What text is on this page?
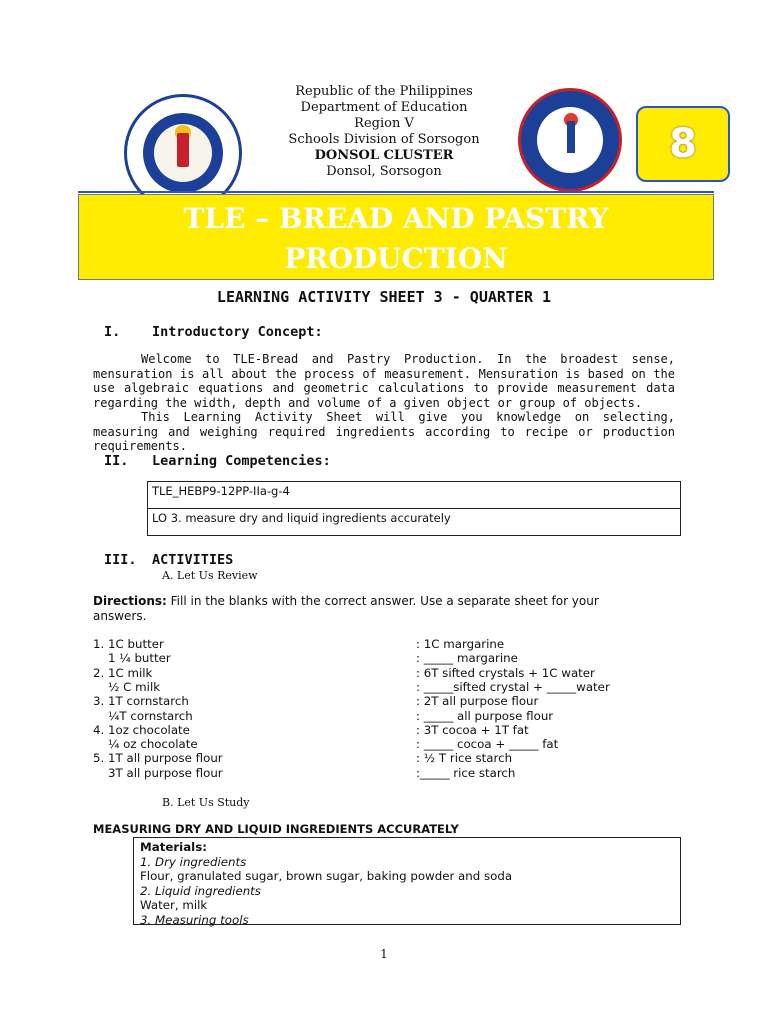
Republic of the Philippines
Department of Education
Region V
Schools Division of Sorsogon
DONSOL CLUSTER
Donsol, Sorsogon
8
TLE – BREAD AND PASTRY
PRODUCTION
LEARNING ACTIVITY SHEET 3 - QUARTER 1
I. Introductory Concept:

Welcome to TLE-Bread and Pastry Production. In the broadest sense, mensuration is all about the process of measurement. Mensuration is based on the use algebraic equations and geometric calculations to provide measurement data regarding the width, depth and volume of a given object or group of objects.

This Learning Activity Sheet will give you knowledge on selecting, measuring and weighing required ingredients according to recipe or production requirements.

II. Learning Competencies:
TLE_HEBP9-12PP-IIa-g-4
LO 3. measure dry and liquid ingredients accurately
III. ACTIVITIES
A. Let Us Review
Directions: Fill in the blanks with the correct answer. Use a separate sheet for your answers.
1. 1C butter	: 1C margarine
1 ¼ butter	: _____ margarine
2. 1C milk	: 6T sifted crystals + 1C water
½ C milk	: _____sifted crystal + _____water
3. 1T cornstarch	: 2T all purpose flour
¼T cornstarch	: _____ all purpose flour
4. 1oz chocolate	: 3T cocoa + 1T fat
¼ oz chocolate	: _____ cocoa + _____ fat
5. 1T all purpose flour	: ½ T rice starch
3T all purpose flour	:_____ rice starch
B. Let Us Study
MEASURING DRY AND LIQUID INGREDIENTS ACCURATELY
Materials:
1. Dry ingredients
Flour, granulated sugar, brown sugar, baking powder and soda
2. Liquid ingredients
Water, milk
3. Measuring tools
1
